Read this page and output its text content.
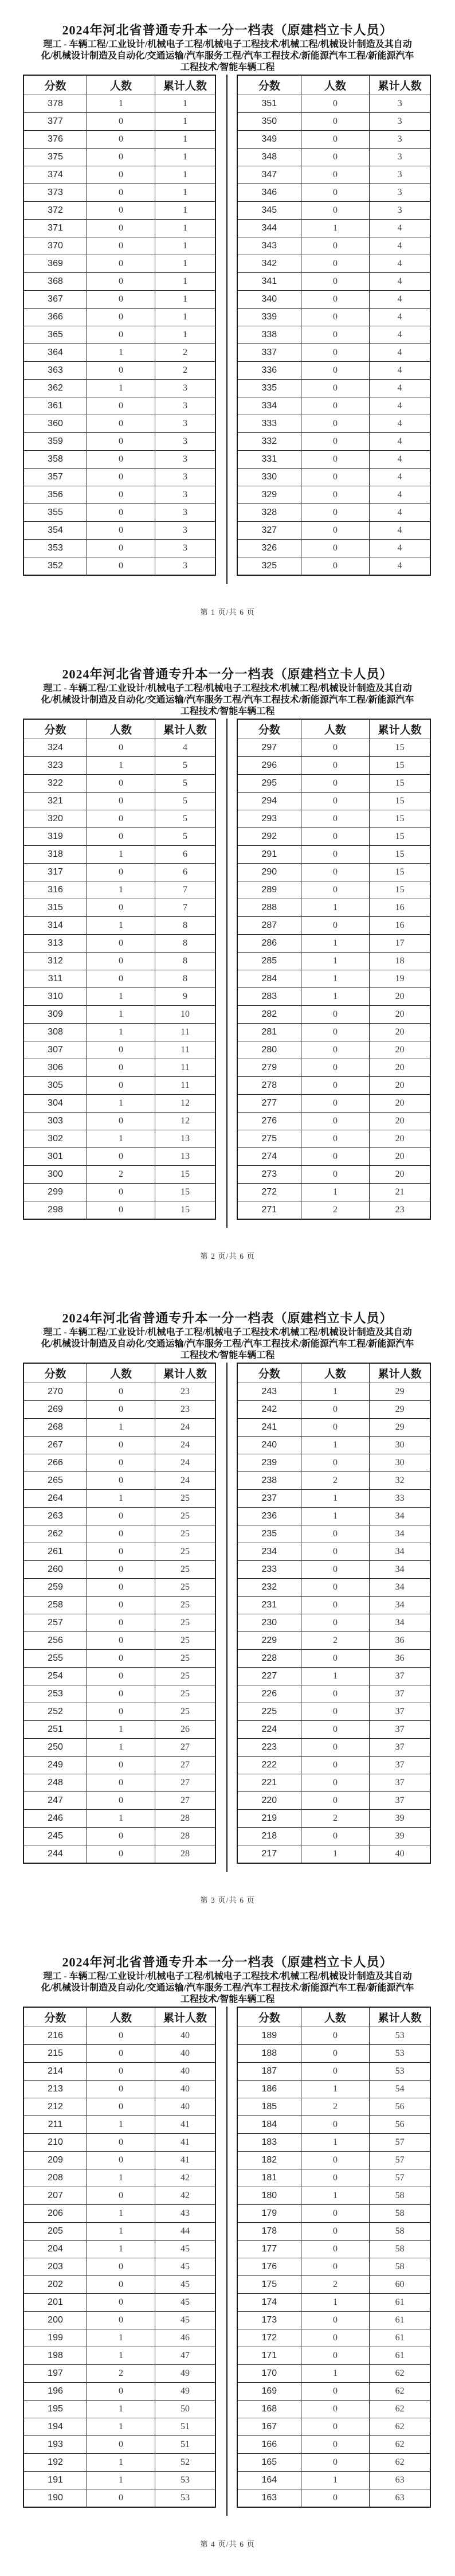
2024年河北省普通专升本一分一档表（原建档立卡人员）
理工 - 车辆工程/工业设计/机械电子工程/机械电子工程技术/机械工程/机械设计制造及其自动化/机械设计制造及自动化/交通运输/汽车服务工程/汽车工程技术/新能源汽车工程/新能源汽车工程技术/智能车辆工程
分数	人数	累计人数
378	1	1
377	0	1
376	0	1
375	0	1
374	0	1
373	0	1
372	0	1
371	0	1
370	0	1
369	0	1
368	0	1
367	0	1
366	0	1
365	0	1
364	1	2
363	0	2
362	1	3
361	0	3
360	0	3
359	0	3
358	0	3
357	0	3
356	0	3
355	0	3
354	0	3
353	0	3
352	0	3
分数	人数	累计人数
351	0	3
350	0	3
349	0	3
348	0	3
347	0	3
346	0	3
345	0	3
344	1	4
343	0	4
342	0	4
341	0	4
340	0	4
339	0	4
338	0	4
337	0	4
336	0	4
335	0	4
334	0	4
333	0	4
332	0	4
331	0	4
330	0	4
329	0	4
328	0	4
327	0	4
326	0	4
325	0	4
第 1 页/共 6 页
2024年河北省普通专升本一分一档表（原建档立卡人员）
理工 - 车辆工程/工业设计/机械电子工程/机械电子工程技术/机械工程/机械设计制造及其自动化/机械设计制造及自动化/交通运输/汽车服务工程/汽车工程技术/新能源汽车工程/新能源汽车工程技术/智能车辆工程
分数	人数	累计人数
324	0	4
323	1	5
322	0	5
321	0	5
320	0	5
319	0	5
318	1	6
317	0	6
316	1	7
315	0	7
314	1	8
313	0	8
312	0	8
311	0	8
310	1	9
309	1	10
308	1	11
307	0	11
306	0	11
305	0	11
304	1	12
303	0	12
302	1	13
301	0	13
300	2	15
299	0	15
298	0	15
分数	人数	累计人数
297	0	15
296	0	15
295	0	15
294	0	15
293	0	15
292	0	15
291	0	15
290	0	15
289	0	15
288	1	16
287	0	16
286	1	17
285	1	18
284	1	19
283	1	20
282	0	20
281	0	20
280	0	20
279	0	20
278	0	20
277	0	20
276	0	20
275	0	20
274	0	20
273	0	20
272	1	21
271	2	23
第 2 页/共 6 页
2024年河北省普通专升本一分一档表（原建档立卡人员）
理工 - 车辆工程/工业设计/机械电子工程/机械电子工程技术/机械工程/机械设计制造及其自动化/机械设计制造及自动化/交通运输/汽车服务工程/汽车工程技术/新能源汽车工程/新能源汽车工程技术/智能车辆工程
分数	人数	累计人数
270	0	23
269	0	23
268	1	24
267	0	24
266	0	24
265	0	24
264	1	25
263	0	25
262	0	25
261	0	25
260	0	25
259	0	25
258	0	25
257	0	25
256	0	25
255	0	25
254	0	25
253	0	25
252	0	25
251	1	26
250	1	27
249	0	27
248	0	27
247	0	27
246	1	28
245	0	28
244	0	28
分数	人数	累计人数
243	1	29
242	0	29
241	0	29
240	1	30
239	0	30
238	2	32
237	1	33
236	1	34
235	0	34
234	0	34
233	0	34
232	0	34
231	0	34
230	0	34
229	2	36
228	0	36
227	1	37
226	0	37
225	0	37
224	0	37
223	0	37
222	0	37
221	0	37
220	0	37
219	2	39
218	0	39
217	1	40
第 3 页/共 6 页
2024年河北省普通专升本一分一档表（原建档立卡人员）
理工 - 车辆工程/工业设计/机械电子工程/机械电子工程技术/机械工程/机械设计制造及其自动化/机械设计制造及自动化/交通运输/汽车服务工程/汽车工程技术/新能源汽车工程/新能源汽车工程技术/智能车辆工程
分数	人数	累计人数
216	0	40
215	0	40
214	0	40
213	0	40
212	0	40
211	1	41
210	0	41
209	0	41
208	1	42
207	0	42
206	1	43
205	1	44
204	1	45
203	0	45
202	0	45
201	0	45
200	0	45
199	1	46
198	1	47
197	2	49
196	0	49
195	1	50
194	1	51
193	0	51
192	1	52
191	1	53
190	0	53
分数	人数	累计人数
189	0	53
188	0	53
187	0	53
186	1	54
185	2	56
184	0	56
183	1	57
182	0	57
181	0	57
180	1	58
179	0	58
178	0	58
177	0	58
176	0	58
175	2	60
174	1	61
173	0	61
172	0	61
171	0	61
170	1	62
169	0	62
168	0	62
167	0	62
166	0	62
165	0	62
164	1	63
163	0	63
第 4 页/共 6 页
